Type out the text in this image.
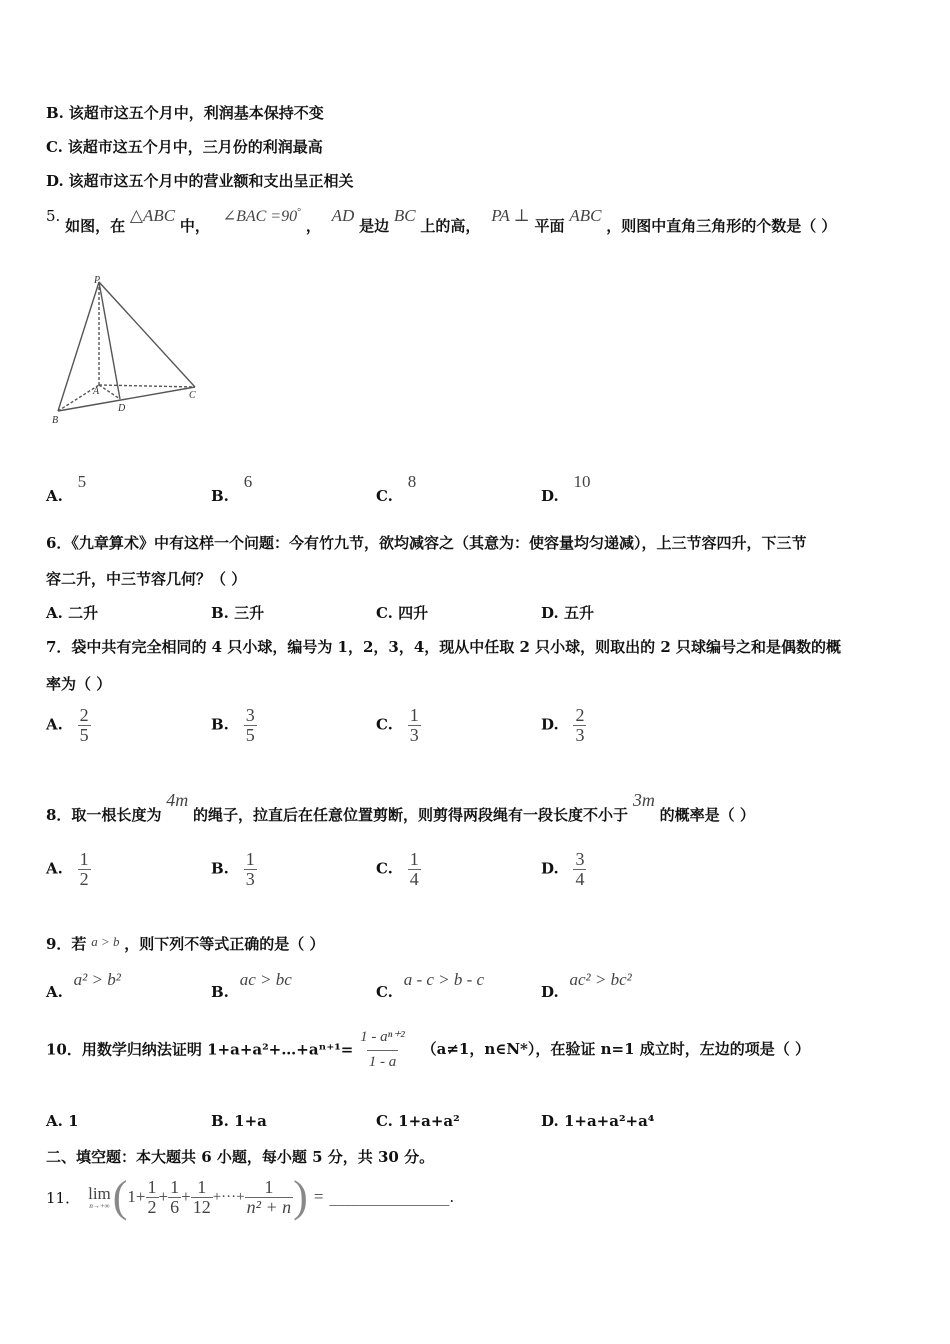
B. 该超市这五个月中，利润基本保持不变
C. 该超市这五个月中，三月份的利润最高
D. 该超市这五个月中的营业额和支出呈正相关
5. 如图，在 △ABC 中， ∠BAC =90° ， AD 是边 BC 上的高， PA ⊥ 平面 ABC ，则图中直角三角形的个数是（ ）
P
A
B
C
D
A. 5
B. 6
C. 8
D. 10
6．《九章算术》中有这样一个问题：今有竹九节，欲均减容之（其意为：使容量均匀递减），上三节容四升，下三节
容二升，中三节容几何？（ ）
A. 二升	B. 三升	C. 四升	D. 五升
7．袋中共有完全相同的 4 只小球，编号为 1，2，3，4，现从中任取 2 只小球，则取出的 2 只球编号之和是偶数的概
率为（ ）
A. $\frac{2}{5}$	B. $\frac{3}{5}$	C. $\frac{1}{3}$	D. $\frac{2}{3}$
8．取一根长度为 4m 的绳子，拉直后在任意位置剪断，则剪得两段绳有一段长度不小于 3m 的概率是（ ）
A. $\frac{1}{2}$	B. $\frac{1}{3}$	C. $\frac{1}{4}$	D. $\frac{3}{4}$
9．若 a > b ，则下列不等式正确的是（ ）
A. a² > b²
B. ac > bc
C. a - c > b - c
D. ac² > bc²
10．用数学归纳法证明 1+a+a²+…+aⁿ⁺¹= $\frac{\text{1 - aⁿ⁺²}}{1 - a} (a\ne 1$，n∈N*），在验证 n=1 成立时，左边的项是（ ）
A. 1	B. 1+a	C. 1+a+a²	D. 1+a+a²+a⁴
二、填空题：本大题共 6 小题，每小题 5 分，共 30 分。
11． lim
n→+∞ ( $1+ \frac{1}{2} + \frac{1}{6} + \frac{1}{12}$ +···+ $\frac{1}{\text{n² + n}}$ ) = ________________ .
